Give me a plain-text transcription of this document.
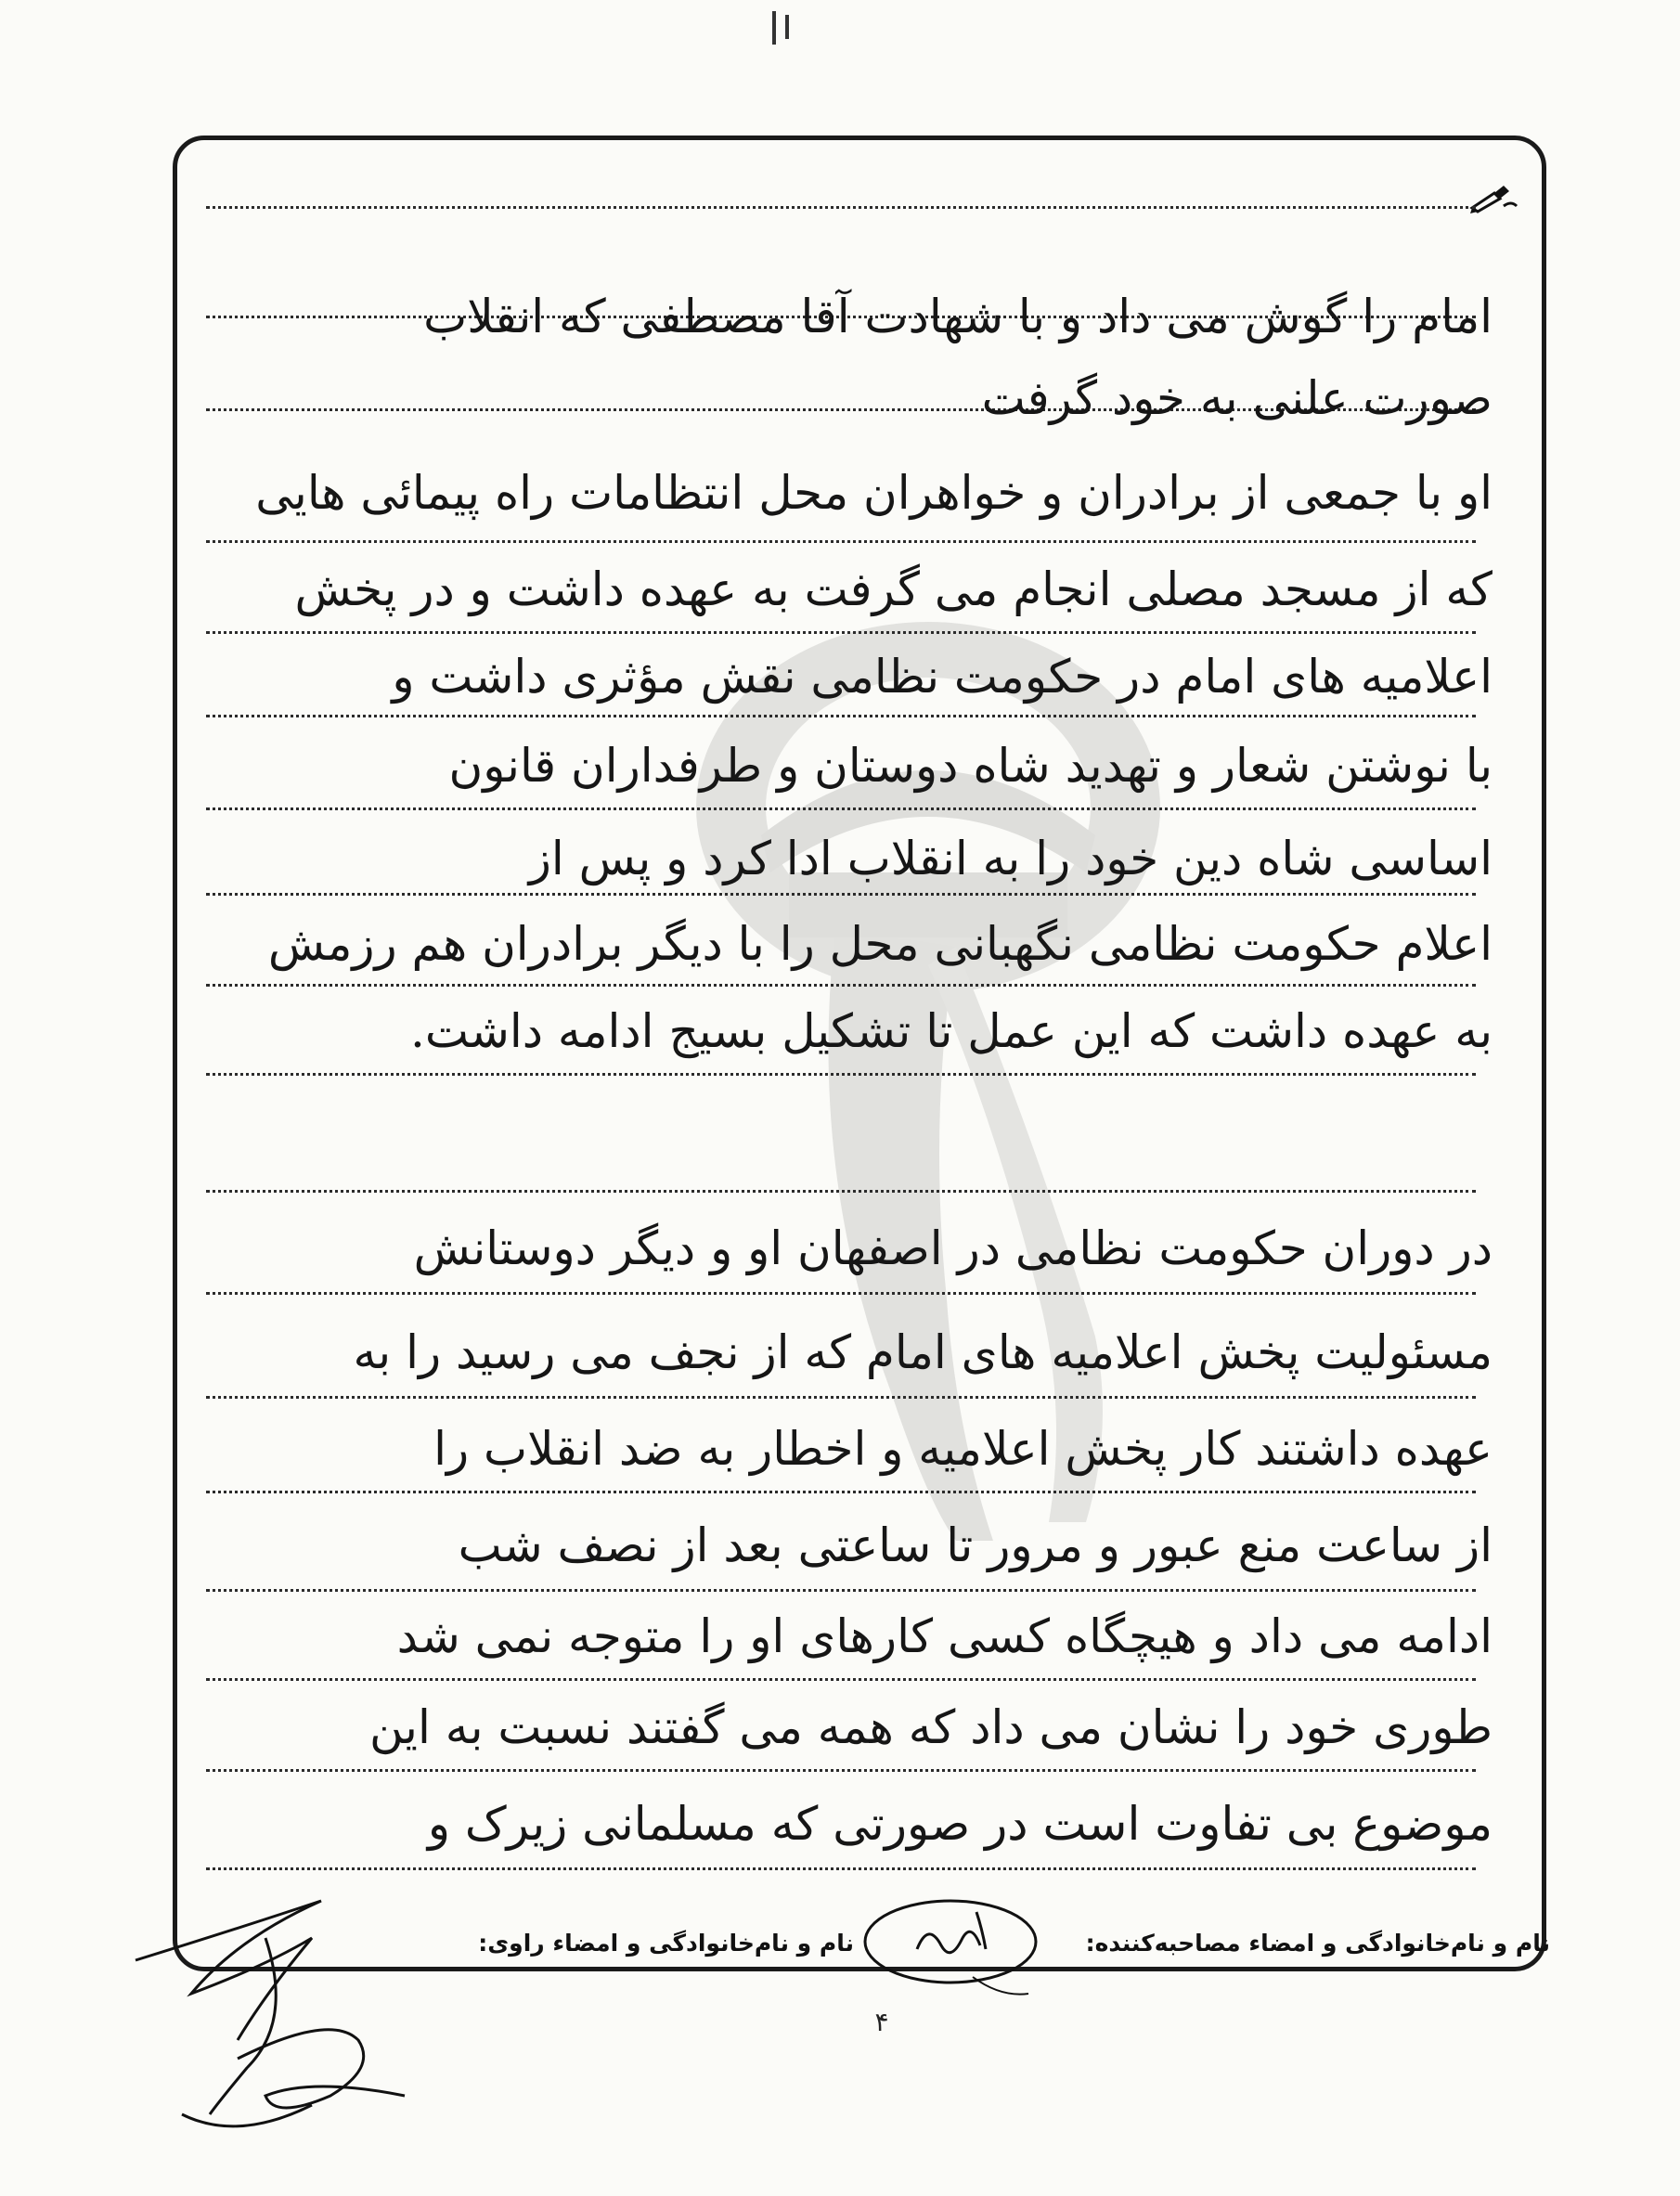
امام را گوش می داد و با شهادت آقا مصطفی که انقلاب
صورت علنی به خود گرفت
او با جمعی از برادران و خواهران محل انتظامات راه پیمائی هایی
که از مسجد مصلی انجام می گرفت به عهده داشت و در پخش
اعلامیه های امام در حکومت نظامی نقش مؤثری داشت و
با نوشتن شعار و تهدید شاه دوستان و طرفداران قانون
اساسی شاه دین خود را به انقلاب ادا کرد و پس از
اعلام حکومت نظامی نگهبانی محل را با دیگر برادران هم رزمش
به عهده داشت که این عمل تا تشکیل بسیج ادامه داشت.
در دوران حکومت نظامی در اصفهان او و دیگر دوستانش
مسئولیت پخش اعلامیه های امام که از نجف می رسید را به
عهده داشتند کار پخش اعلامیه و اخطار به ضد انقلاب را
از ساعت منع عبور و مرور تا ساعتی بعد از نصف شب
ادامه می داد و هیچگاه کسی کارهای او را متوجه نمی شد
طوری خود را نشان می داد که همه می گفتند نسبت به این
موضوع بی تفاوت است در صورتی که مسلمانی زیرک و
نام و نام‌خانوادگی و امضاء مصاحبه‌کننده:
نام و نام‌خانوادگی و امضاء راوی:
۴
